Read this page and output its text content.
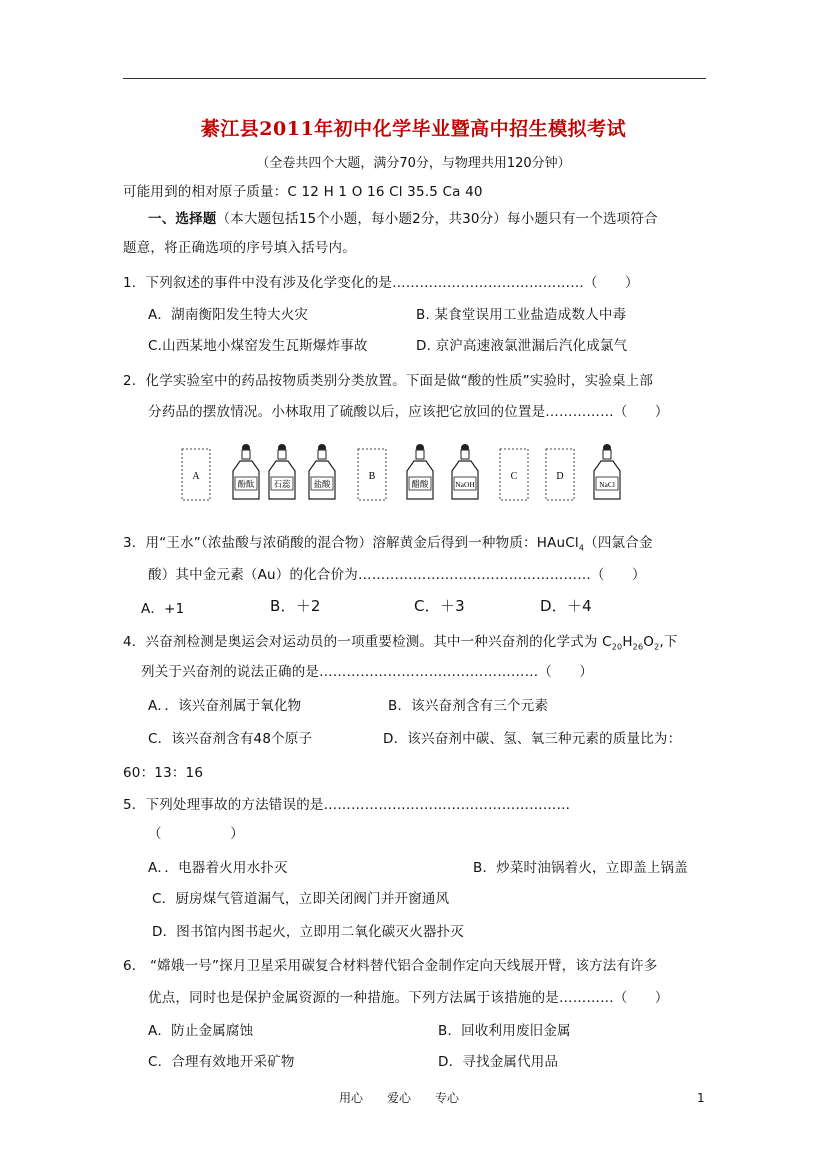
綦江县2011年初中化学毕业暨高中招生模拟考试
（全卷共四个大题，满分70分，与物理共用120分钟）
可能用到的相对原子质量：C 12 H 1 O 16 Cl 35.5 Ca 40
一、选择题（本大题包括15个小题，每小题2分，共30分）每小题只有一个选项符合
题意，将正确选项的序号填入括号内。
1．下列叙述的事件中没有涉及化学变化的是……………………………………（　　）
A．湖南衡阳发生特大火灾	B. 某食堂误用工业盐造成数人中毒
C.山西某地小煤窑发生瓦斯爆炸事故	D. 京沪高速液氯泄漏后汽化成氯气
2．化学实验室中的药品按物质类别分类放置。下面是做“酸的性质”实验时，实验桌上部
分药品的摆放情况。小林取用了硫酸以后，应该把它放回的位置是……………（　　）
A
酚酞 石蕊	盐酸
B
醋酸	NaOH
C	D
NaCl
3．用“王水”（浓盐酸与浓硝酸的混合物）溶解黄金后得到一种物质：HAuCl$_4$（四氯合金
酸）其中金元素（Au）的化合价为……………………………………………（　　）
A．+1	B．＋2	C．＋3	D．＋4
4．兴奋剂检测是奥运会对运动员的一项重要检测。其中一种兴奋剂的化学式为 $C_{20}H_{26}O_2$,下
列关于兴奋剂的说法正确的是…………………………………………（　　）
A．．该兴奋剂属于氧化物	B．该兴奋剂含有三个元素
C．该兴奋剂含有48个原子	D．该兴奋剂中碳、氢、氧三种元素的质量比为：
60：13：16
5．下列处理事故的方法错误的是………………………………………………
（　　　　　）
A．．电器着火用水扑灭	B．炒菜时油锅着火，立即盖上锅盖
C．厨房煤气管道漏气，立即关闭阀门并开窗通风
D．图书馆内图书起火，立即用二氧化碳灭火器扑灭
6． “嫦娥一号”探月卫星采用碳复合材料替代铝合金制作定向天线展开臂，该方法有许多
优点，同时也是保护金属资源的一种措施。下列方法属于该措施的是…………（　　）
A．防止金属腐蚀	B．回收利用废旧金属
C．合理有效地开采矿物	D．寻找金属代用品
用心　　爱心　　专心	1
